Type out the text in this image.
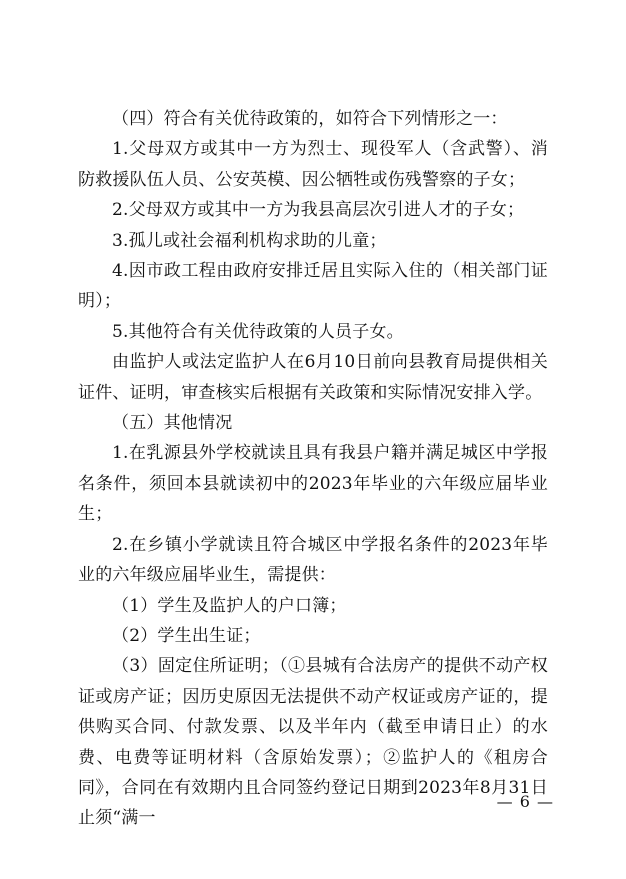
（四）符合有关优待政策的，如符合下列情形之一：

1.父母双方或其中一方为烈士、现役军人（含武警）、消防救援队伍人员、公安英模、因公牺牲或伤残警察的子女；

2.父母双方或其中一方为我县高层次引进人才的子女；

3.孤儿或社会福利机构求助的儿童；

4.因市政工程由政府安排迁居且实际入住的（相关部门证明）；

5.其他符合有关优待政策的人员子女。

由监护人或法定监护人在6月10日前向县教育局提供相关证件、证明，审查核实后根据有关政策和实际情况安排入学。

（五）其他情况

1.在乳源县外学校就读且具有我县户籍并满足城区中学报名条件，须回本县就读初中的2023年毕业的六年级应届毕业生；

2.在乡镇小学就读且符合城区中学报名条件的2023年毕业的六年级应届毕业生，需提供：

（1）学生及监护人的户口簿；

（2）学生出生证；

（3）固定住所证明；（①县城有合法房产的提供不动产权证或房产证；因历史原因无法提供不动产权证或房产证的，提供购买合同、付款发票、以及半年内（截至申请日止）的水费、电费等证明材料（含原始发票）；②监护人的《租房合同》，合同在有效期内且合同签约登记日期到2023年8月31日止须“满一

— 6 —
